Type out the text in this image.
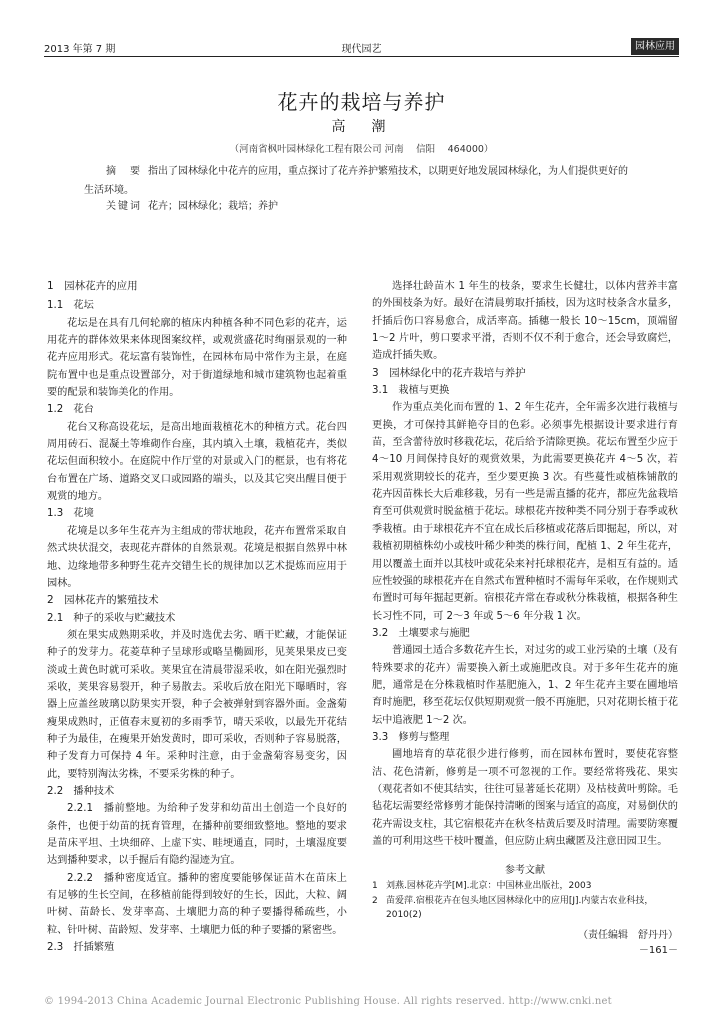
2013 年第 7 期	现代园艺	园林应用
花卉的栽培与养护
高　潮
（河南省枫叶园林绿化工程有限公司 河南　 信阳　 464000）
摘　要 指出了园林绿化中花卉的应用，重点探讨了花卉养护繁殖技术，以期更好地发展园林绿化，为人们提供更好的生活环境。
关键词 花卉；园林绿化；栽培；养护
1　园林花卉的应用
1.1　花坛

花坛是在具有几何轮廓的植床内种植各种不同色彩的花卉，运用花卉的群体效果来体现图案纹样，或观赏盛花时绚丽景观的一种花卉应用形式。花坛富有装饰性，在园林布局中常作为主景，在庭院布置中也是重点设置部分，对于街道绿地和城市建筑物也起着重要的配景和装饰美化的作用。

1.2　花台

花台又称高设花坛，是高出地面栽植花木的种植方式。花台四周用砖石、混凝土等堆砌作台座，其内填入土壤，栽植花卉，类似花坛但面积较小。在庭院中作厅堂的对景或入门的框景，也有将花台布置在广场、道路交叉口或园路的端头，以及其它突出醒目便于观赏的地方。

1.3　花境

花境是以多年生花卉为主组成的带状地段，花卉布置常采取自然式块状混交，表现花卉群体的自然景观。花境是根据自然界中林地、边缘地带多种野生花卉交错生长的规律加以艺术提炼而应用于园林。

2　园林花卉的繁殖技术
2.1　种子的采收与贮藏技术

须在果实成熟期采收，并及时选优去劣、晒干贮藏，才能保证种子的发芽力。花菱草种子呈球形或略呈椭圆形，见荚果果皮已变淡或土黄色时就可采收。荚果宜在清晨带湿采收，如在阳光强烈时采收，荚果容易裂开，种子易散去。采收后放在阳光下曝晒时，容器上应盖丝玻璃以防果实开裂，种子会被弹射到容器外面。金盏菊瘦果成熟时，正值春末夏初的多雨季节，晴天采收，以最先开花结种子为最佳，在瘦果开始发黄时，即可采收，否则种子容易脱落，种子发育力可保持 4 年。采种时注意，由于金盏菊容易变劣，因此，要特别淘汰劣株，不要采劣株的种子。

2.2　播种技术

2.2.1　播前整地。为给种子发芽和幼苗出土创造一个良好的条件，也便于幼苗的抚育管理，在播种前要细致整地。整地的要求是苗床平坦、土块细碎、上虚下实、畦埂通直，同时，土壤湿度要达到播种要求，以手握后有隐约湿迹为宜。

2.2.2　播种密度适宜。播种的密度要能够保证苗木在苗床上有足够的生长空间，在移植前能得到较好的生长，因此，大粒、阔叶树、苗龄长、发芽率高、土壤肥力高的种子要播得稀疏些，小粒、针叶树、苗龄短、发芽率、土壤肥力低的种子要播的紧密些。

2.3　扦插繁殖

选择壮龄苗木 1 年生的枝条，要求生长健壮，以体内营养丰富的外围枝条为好。最好在清晨剪取扦插枝，因为这时枝条含水量多，扦插后伤口容易愈合，成活率高。插穗一般长 10～15cm，顶端留 1～2 片叶，剪口要求平滑，否则不仅不利于愈合，还会导致腐烂，造成扦插失败。

3　园林绿化中的花卉栽培与养护
3.1　栽植与更换

作为重点美化而布置的 1、2 年生花卉，全年需多次进行栽植与更换，才可保持其鲜艳夺目的色彩。必须事先根据设计要求进行育苗，至含蕾待放时移栽花坛，花后给予清除更换。花坛布置至少应于 4～10 月间保持良好的观赏效果，为此需要更换花卉 4～5 次，若采用观赏期较长的花卉，至少要更换 3 次。有些蔓性或植株铺散的花卉因苗株长大后难移栽，另有一些是需直播的花卉，都应先盆栽培育至可供观赏时脱盆植于花坛。球根花卉按种类不同分别于春季或秋季栽植。由于球根花卉不宜在成长后移植或花落后即掘起，所以，对栽植初期植株幼小或枝叶稀少种类的株行间，配植 1、2 年生花卉，用以覆盖土面并以其枝叶或花朵来衬托球根花卉，是相互有益的。适应性较强的球根花卉在自然式布置种植时不需每年采收，在作规则式布置时可每年掘起更新。宿根花卉常在春或秋分株栽植，根据各种生长习性不同，可 2～3 年或 5～6 年分栽 1 次。

3.2　土壤要求与施肥

普通园土适合多数花卉生长，对过劣的或工业污染的土壤（及有特殊要求的花卉）需要换入新土或施肥改良。对于多年生花卉的施肥，通常是在分株栽植时作基肥施入，1、2 年生花卉主要在圃地培育时施肥，移至花坛仅供短期观赏一般不再施肥，只对花期长植于花坛中追液肥 1～2 次。

3.3　修剪与整理

圃地培育的草花很少进行修剪，而在园林布置时，要使花容整洁、花色清新，修剪是一项不可忽视的工作。要经常将残花、果实（观花者如不使其结实，往往可显著延长花期）及枯枝黄叶剪除。毛毡花坛需要经常修剪才能保持清晰的图案与适宜的高度，对易倒伏的花卉需设支柱，其它宿根花卉在秋冬枯黄后要及时清理。需要防寒覆盖的可利用这些干枝叶覆盖，但应防止病虫藏匿及注意田园卫生。

参考文献
1 刘燕.园林花卉学[M].北京：中国林业出版社，2003
2 苗爱萍.宿根花卉在包头地区园林绿化中的应用[J].内蒙古农业科技，2010(2)
（责任编辑　舒丹丹）
－161－
© 1994-2013 China Academic Journal Electronic Publishing House. All rights reserved. http://www.cnki.net
